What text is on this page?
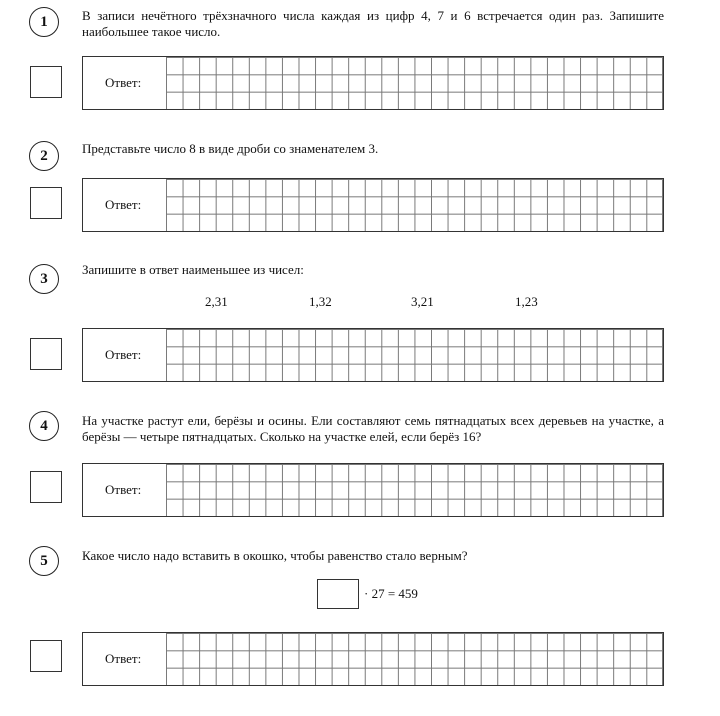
1	В записи нечётного трёхзначного числа каждая из цифр 4, 7 и 6 встречается один раз. Запишите наибольшее такое число.
Ответ:
2	Представьте число 8 в виде дроби со знаменателем 3.
Ответ:
3
Запишите в ответ наименьшее из чисел:
2,31	1,32	3,21	1,23
Ответ:
4	На участке растут ели, берёзы и осины. Ели составляют семь пятнадцатых всех деревьев на участке, а берёзы — четыре пятнадцатых. Сколько на участке елей, если берёз 16?
Ответ:
5	Какое число надо вставить в окошко, чтобы равенство стало верным?
· 27 = 459
Ответ:
